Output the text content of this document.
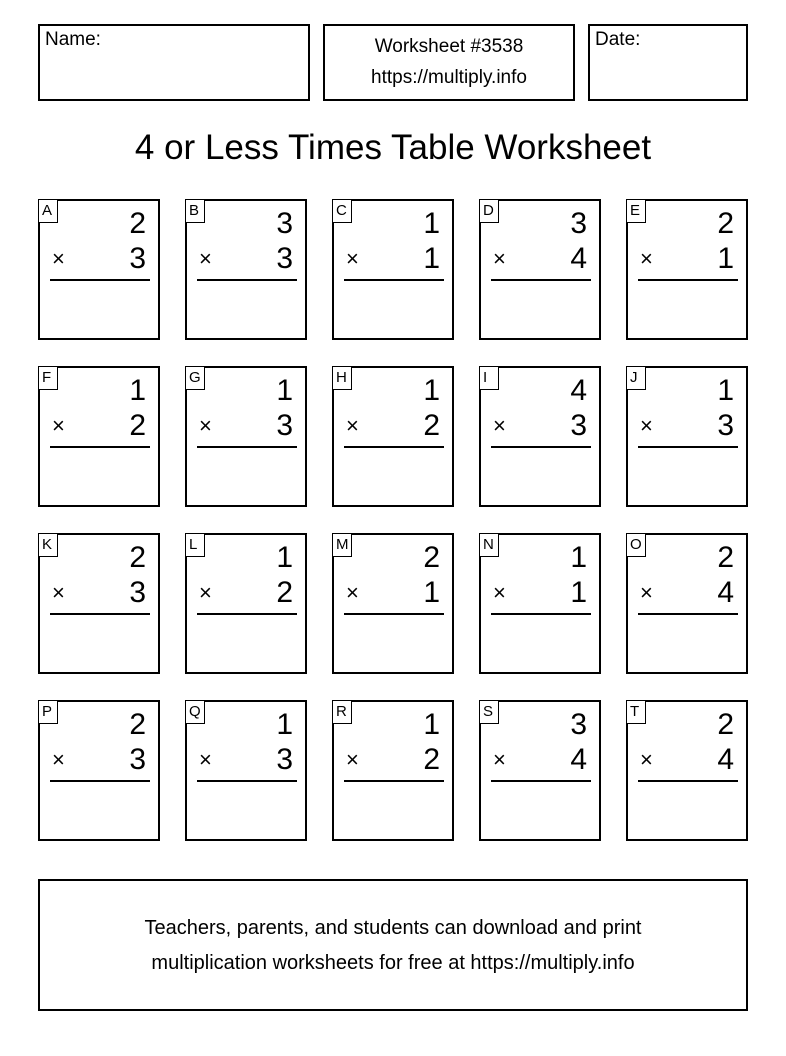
Name:	Worksheet #3538
https://multiply.info
Date:
4 or Less Times Table Worksheet
A	2
× 3
B	3
× 3
C	1
× 1
D	3
× 4
E	2
× 1
F	1
× 2
G	1
× 3
H	1
× 2
I	4
× 3
J	1
× 3
K	2
× 3
L	1
× 2
M 2
× 1
N	1
× 1
O	2
× 4
P	2
× 3
Q	1
× 3
R	1
× 2
S	3
× 4
T	2
× 4
Teachers, parents, and students can download and print
multiplication worksheets for free at https://multiply.info
